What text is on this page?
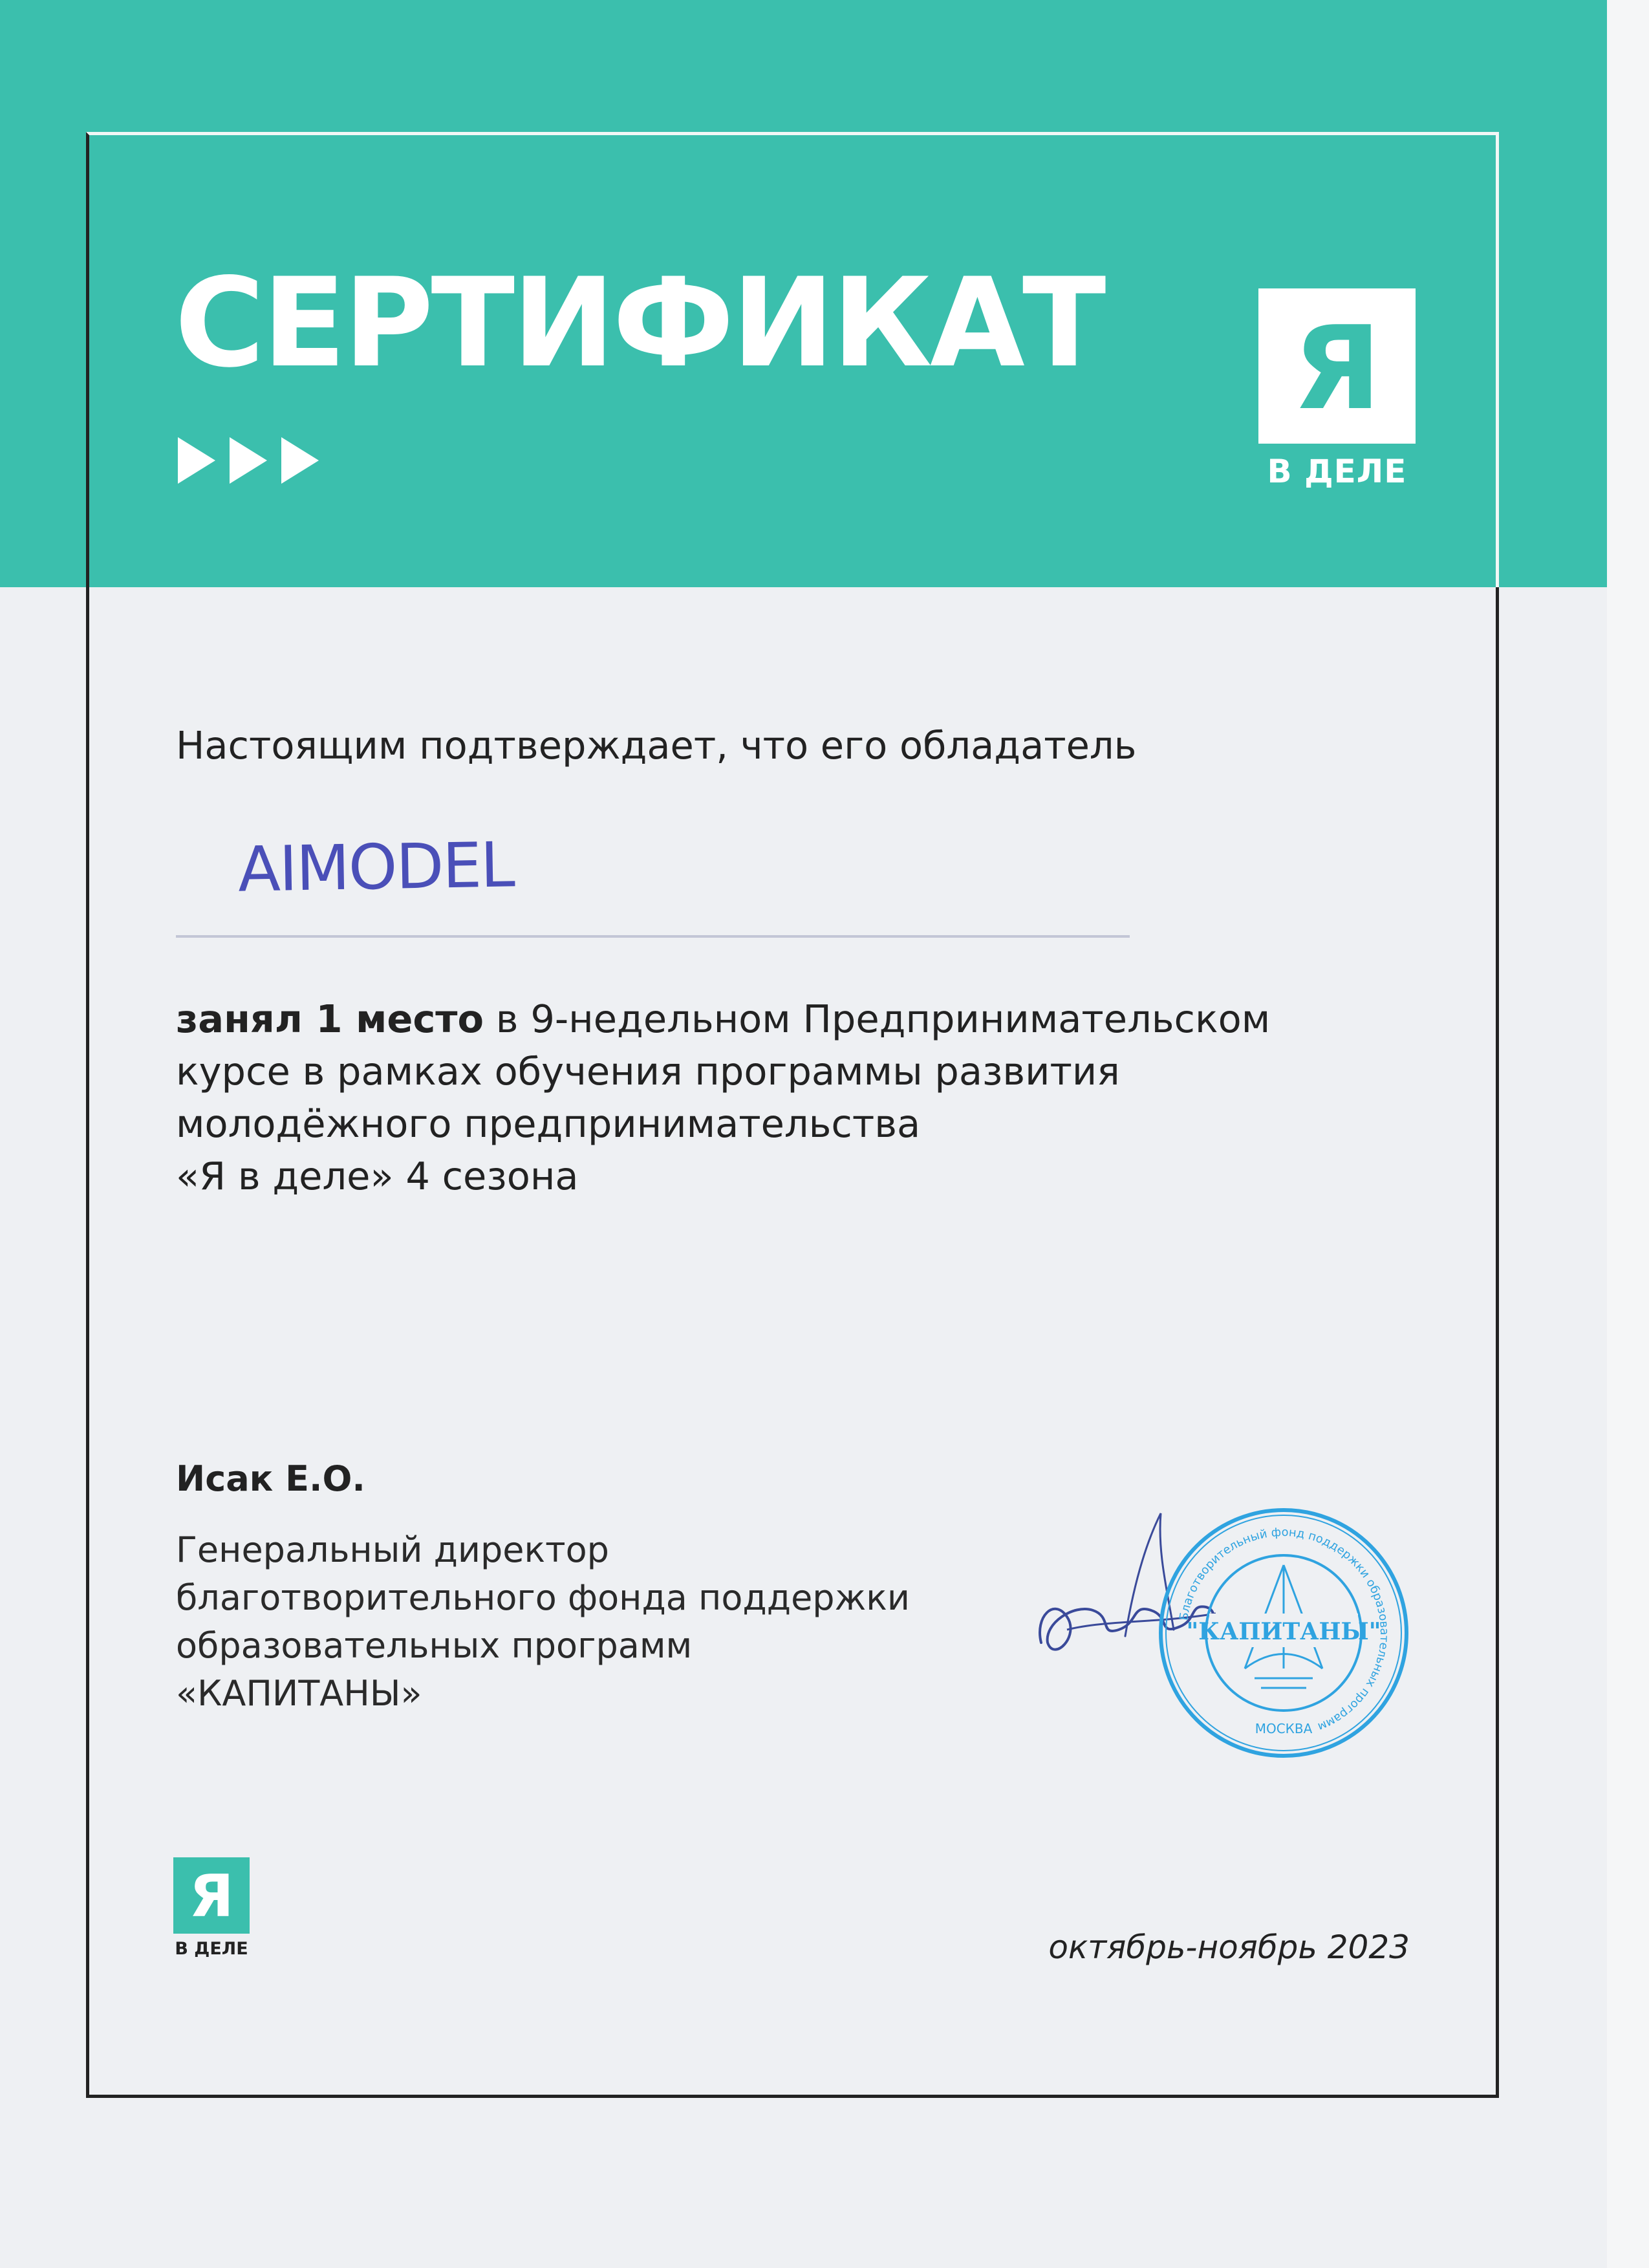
СЕРТИФИКАТ Я
В ДЕЛЕ
Настоящим подтверждает, что его обладатель
AIMODEL
занял 1 место в 9-недельном Предпринимательском
курсе в рамках обучения программы развития
молодёжного предпринимательства
«Я в деле» 4 сезона
Исак Е.О.
Генеральный директор
благотворительного фонда поддержки
образовательных программ
«КАПИТАНЫ»
Благотворительный фонд поддержки образовательных программ
"КАПИТАНЫ"
МОСКВА
Я
В ДЕЛЕ	октябрь-ноябрь 2023
